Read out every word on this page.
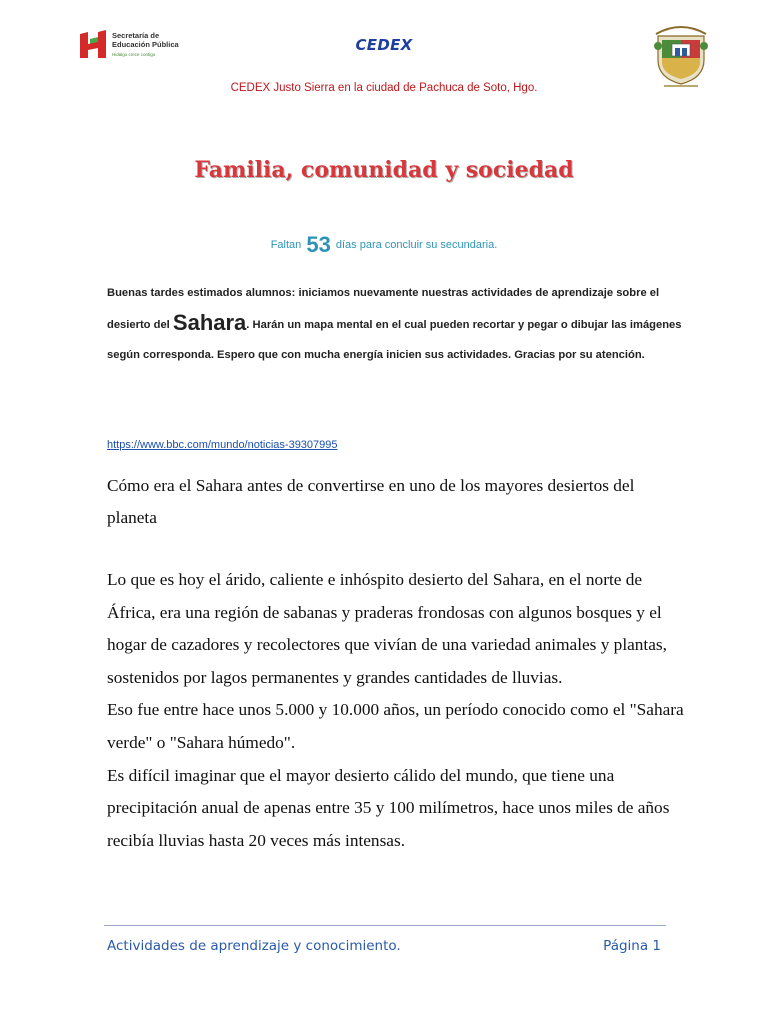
Secretaría de
Educación Pública
Hidalgo crece contigo
CEDEX
CEDEX Justo Sierra en la ciudad de Pachuca de Soto, Hgo.
Familia, comunidad y sociedad
Faltan 53 días para concluir su secundaria.
Buenas tardes estimados alumnos: iniciamos nuevamente nuestras actividades de aprendizaje sobre el desierto del Sahara. Harán un mapa mental en el cual pueden recortar y pegar o dibujar las imágenes según corresponda. Espero que con mucha energía inicien sus actividades. Gracias por su atención.
https://www.bbc.com/mundo/noticias-39307995
Cómo era el Sahara antes de convertirse en uno de los mayores desiertos del planeta

Lo que es hoy el árido, caliente e inhóspito desierto del Sahara, en el norte de África, era una región de sabanas y praderas frondosas con algunos bosques y el hogar de cazadores y recolectores que vivían de una variedad animales y plantas, sostenidos por lagos permanentes y grandes cantidades de lluvias.

Eso fue entre hace unos 5.000 y 10.000 años, un período conocido como el "Sahara verde" o "Sahara húmedo".

Es difícil imaginar que el mayor desierto cálido del mundo, que tiene una precipitación anual de apenas entre 35 y 100 milímetros, hace unos miles de años recibía lluvias hasta 20 veces más intensas.

Actividades de aprendizaje y conocimiento.	Página 1
